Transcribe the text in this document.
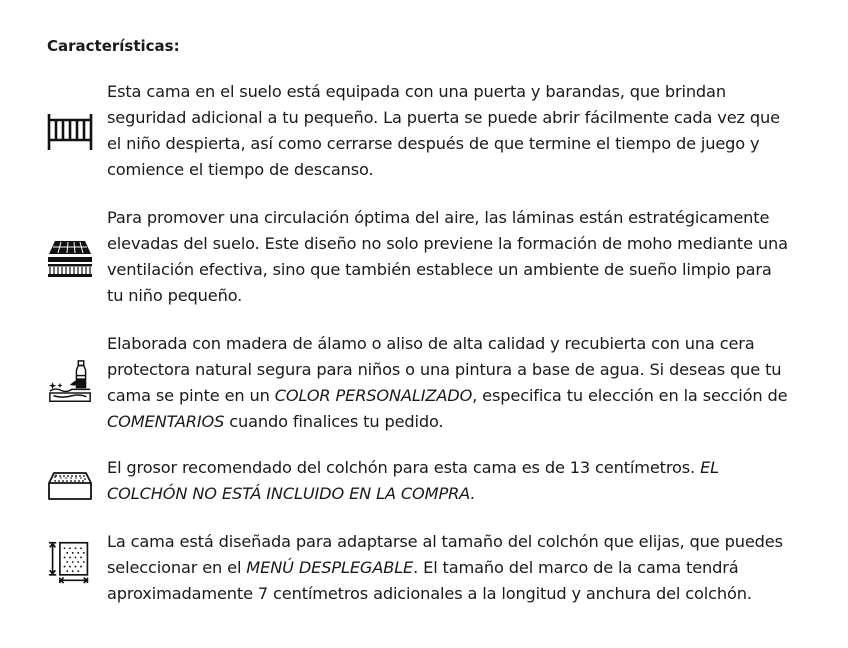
Características:
Esta cama en el suelo está equipada con una puerta y barandas, que brindan
seguridad adicional a tu pequeño. La puerta se puede abrir fácilmente cada vez que
el niño despierta, así como cerrarse después de que termine el tiempo de juego y
comience el tiempo de descanso.
Para promover una circulación óptima del aire, las láminas están estratégicamente
elevadas del suelo. Este diseño no solo previene la formación de moho mediante una
ventilación efectiva, sino que también establece un ambiente de sueño limpio para
tu niño pequeño.
Elaborada con madera de álamo o aliso de alta calidad y recubierta con una cera
protectora natural segura para niños o una pintura a base de agua. Si deseas que tu
cama se pinte en un COLOR PERSONALIZADO, especifica tu elección en la sección de
COMENTARIOS cuando finalices tu pedido.
El grosor recomendado del colchón para esta cama es de 13 centímetros. EL
COLCHÓN NO ESTÁ INCLUIDO EN LA COMPRA.
La cama está diseñada para adaptarse al tamaño del colchón que elijas, que puedes
seleccionar en el MENÚ DESPLEGABLE. El tamaño del marco de la cama tendrá
aproximadamente 7 centímetros adicionales a la longitud y anchura del colchón.
